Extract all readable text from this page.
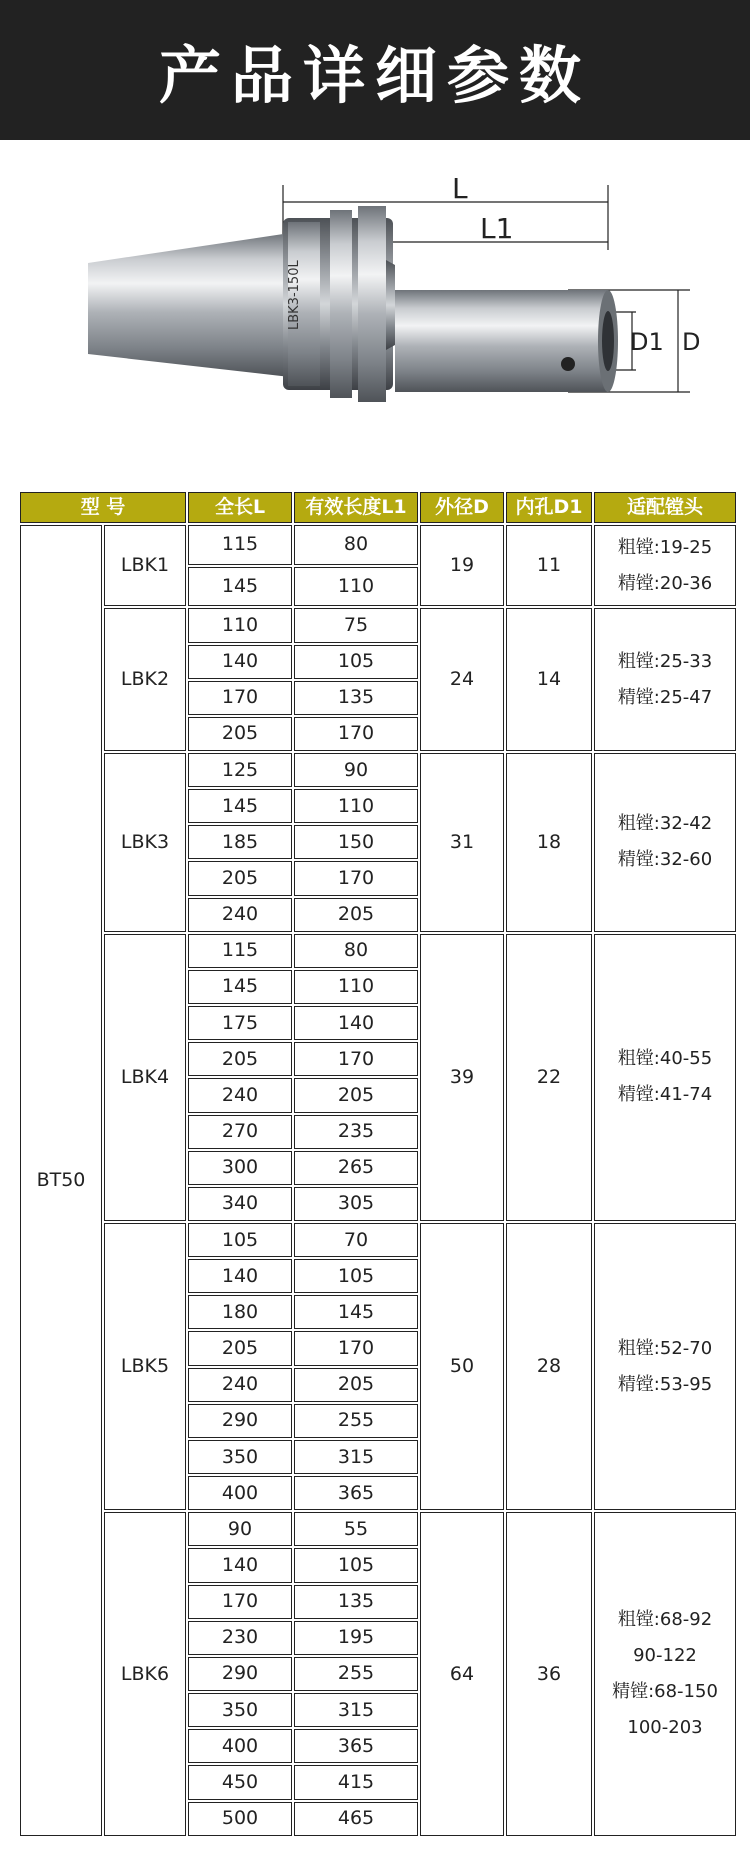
产品详细参数
LBK3-150L
L
L1
D1 D
型 号		全长L	有效长度L1	外径D	内孔D1	适配镗头
BT50	LBK1	115	80	19	11	粗镗:19-25
精镗:20-36

		145	110			
	LBK2	110	75	24	14	粗镗:25-33
精镗:25-47

		140	105			
		170	135			
		205	170			
	LBK3	125	90	31	18	粗镗:32-42
精镗:32-60

		145	110			
		185	150			
		205	170			
		240	205			
	LBK4	115	80	39	22	粗镗:40-55
精镗:41-74

		145	110			
		175	140			
		205	170			
		240	205			
		270	235			
		300	265			
		340	305			
	LBK5	105	70	50	28	粗镗:52-70
精镗:53-95

		140	105			
		180	145			
		205	170			
		240	205			
		290	255			
		350	315			
		400	365			
	LBK6	90	55	64	36	粗镗:68-92
90-122
精镗:68-150
100-203

		140	105			
		170	135			
		230	195			
		290	255			
		350	315			
		400	365			
		450	415			
		500	465			
